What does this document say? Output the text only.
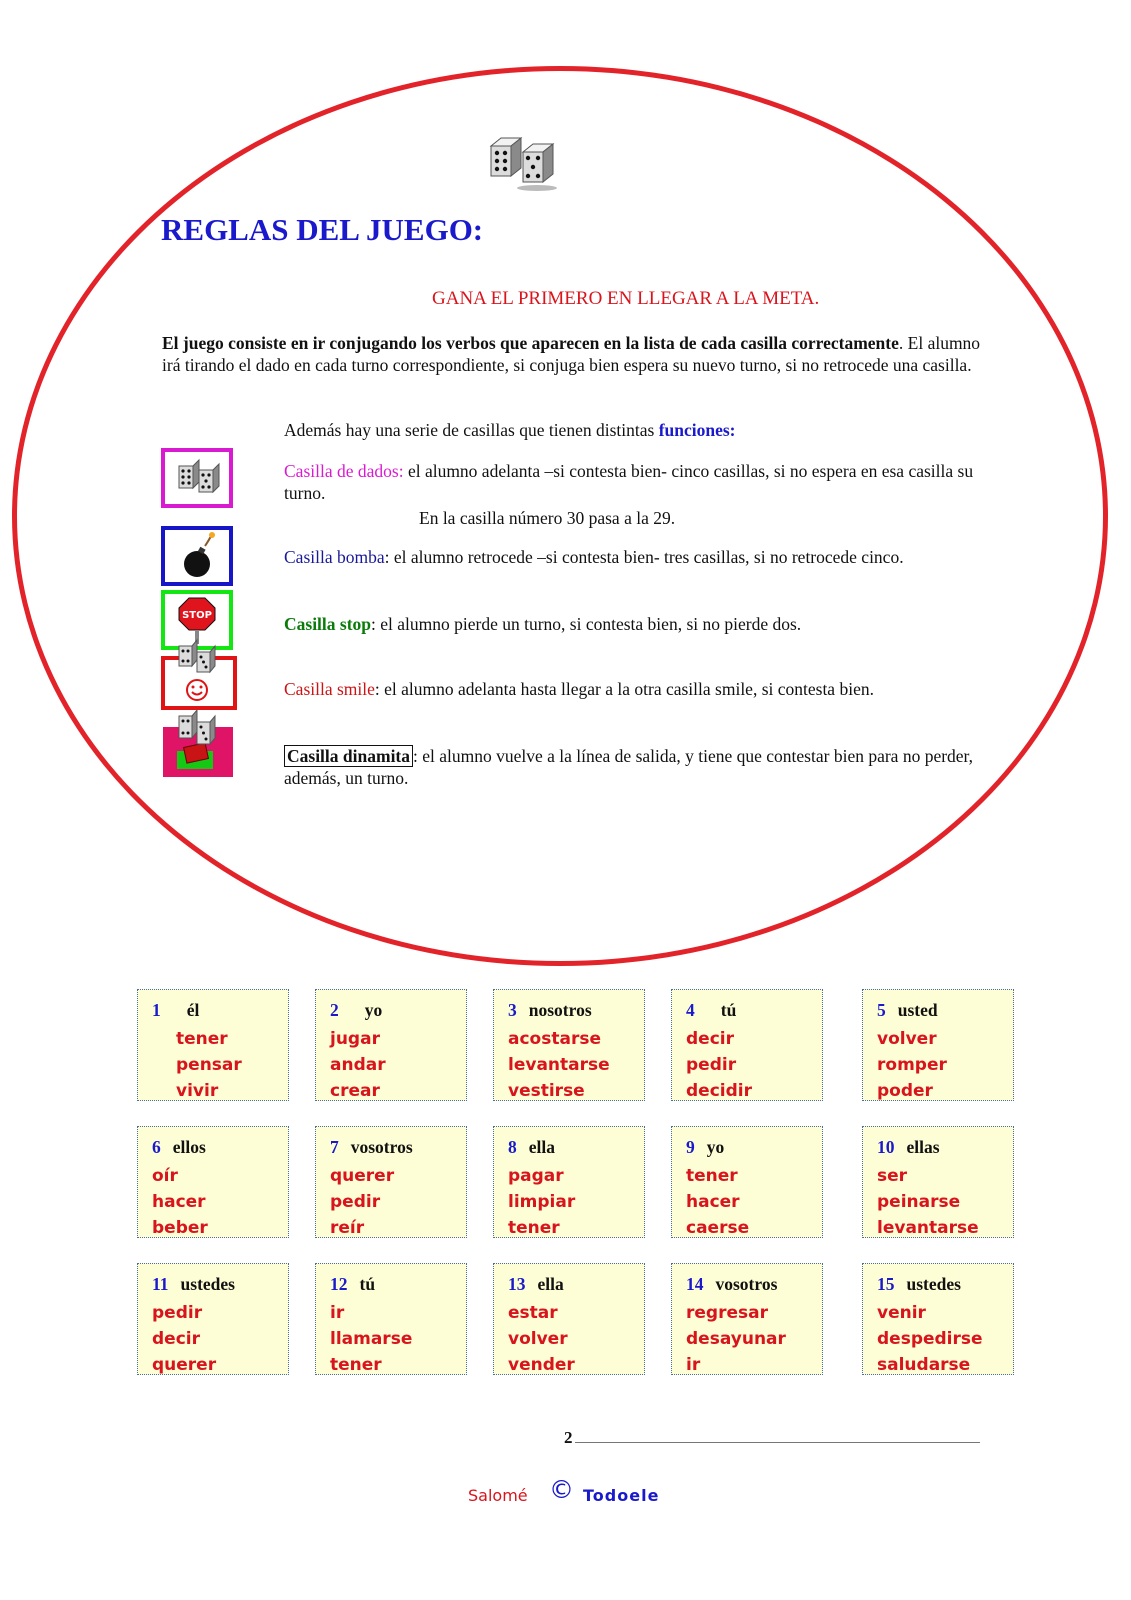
REGLAS DEL JUEGO:
GANA EL PRIMERO EN LLEGAR A LA META.
El juego consiste en ir conjugando los verbos que aparecen en la lista de cada casilla correctamente. El alumno irá tirando el dado en cada turno correspondiente, si conjuga bien espera su nuevo turno, si no retrocede una casilla.
Además hay una serie de casillas que tienen distintas funciones:
Casilla de dados: el alumno adelanta –si contesta bien- cinco casillas, si no espera en esa casilla su turno.
En la casilla número 30 pasa a la 29.
Casilla bomba: el alumno retrocede –si contesta bien- tres casillas, si no retrocede cinco.
STOP	Casilla stop: el alumno pierde un turno, si contesta bien, si no pierde dos.
Casilla smile: el alumno adelanta hasta llegar a la otra casilla smile, si contesta bien.
Casilla dinamita : el alumno vuelve a la línea de salida, y tiene que contestar bien para no perder, además, un turno.
1 él
tener
pensar
vivir
2 yo
jugar
andar
crear
3 nosotros
acostarse
levantarse
vestirse
4 tú
decir
pedir
decidir
5 usted
volver
romper
poder
6 ellos
oír
hacer
beber
7 vosotros
querer
pedir
reír
8 ella
pagar
limpiar
tener
9 yo
tener
hacer
caerse
10 ellas
ser
peinarse
levantarse
11 ustedes
pedir
decir
querer
12 tú
ir
llamarse
tener
13 ella
estar
volver
vender
14 vosotros
regresar
desayunar
ir
15 ustedes
venir
despedirse
saludarse
2
Salomé © Todoele
